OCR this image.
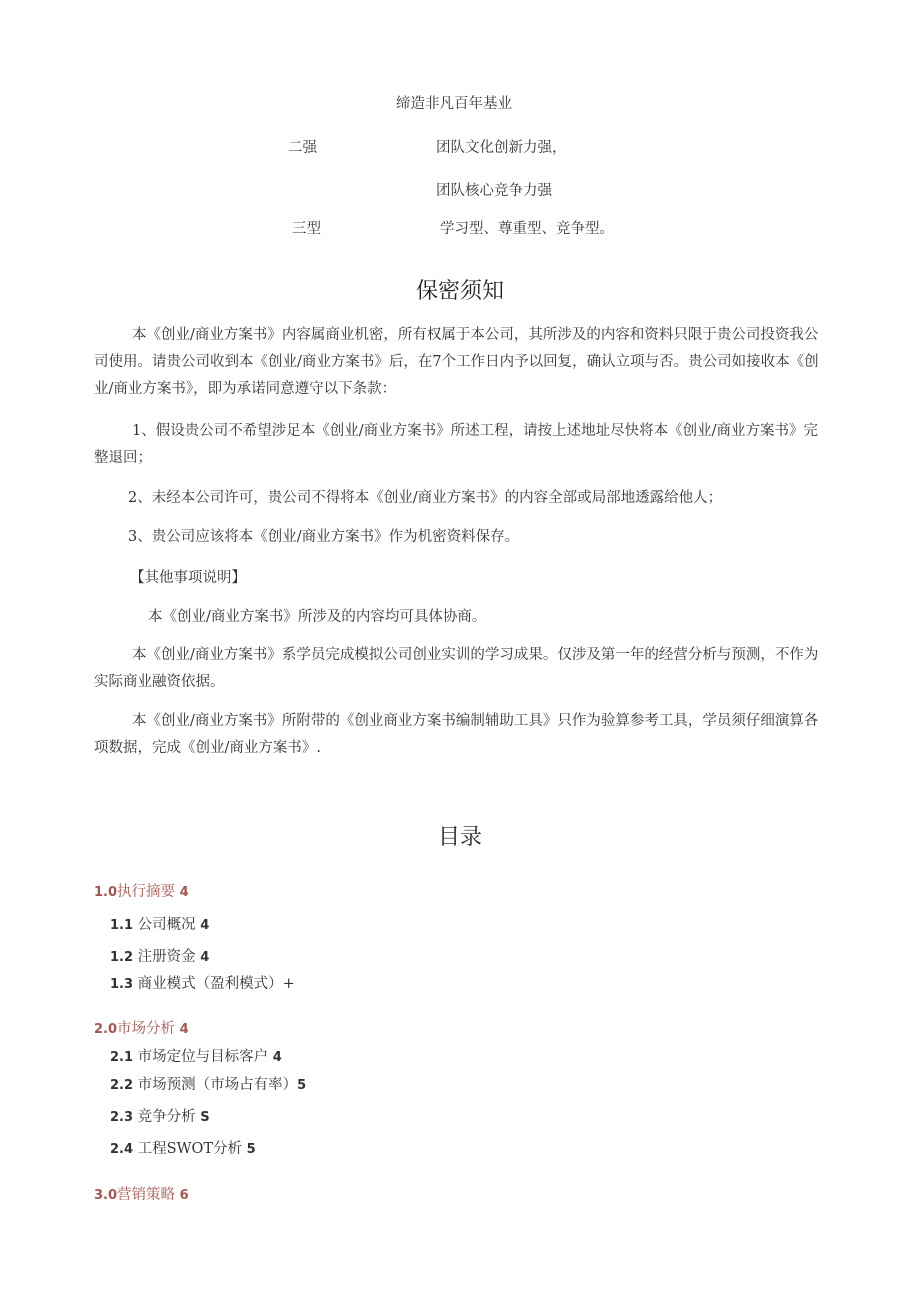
缔造非凡百年基业
二强	团队文化创新力强，
团队核心竞争力强
三型	学习型、尊重型、竞争型。
保密须知
本《创业/商业方案书》内容属商业机密，所有权属于本公司，其所涉及的内容和资料只限于贵公司投资我公司使用。请贵公司收到本《创业/商业方案书》后，在7个工作日内予以回复，确认立项与否。贵公司如接收本《创业/商业方案书》，即为承诺同意遵守以下条款：
1、假设贵公司不希望涉足本《创业/商业方案书》所述工程，请按上述地址尽快将本《创业/商业方案书》完整退回；
2、未经本公司许可，贵公司不得将本《创业/商业方案书》的内容全部或局部地透露给他人；
3、贵公司应该将本《创业/商业方案书》作为机密资料保存。
【其他事项说明】
本《创业/商业方案书》所涉及的内容均可具体协商。
本《创业/商业方案书》系学员完成模拟公司创业实训的学习成果。仅涉及第一年的经营分析与预测，不作为实际商业融资依据。
本《创业/商业方案书》所附带的《创业商业方案书编制辅助工具》只作为验算参考工具，学员须仔细演算各项数据，完成《创业/商业方案书》.
目录
1.0执行摘要 4
1.1 公司概况 4
1.2 注册资金 4
1.3 商业模式（盈利模式）+
2.0市场分析 4
2.1 市场定位与目标客户 4
2.2 市场预测（市场占有率）5
2.3 竞争分析 S
2.4 工程SWOT分析 5
3.0营销策略 6
